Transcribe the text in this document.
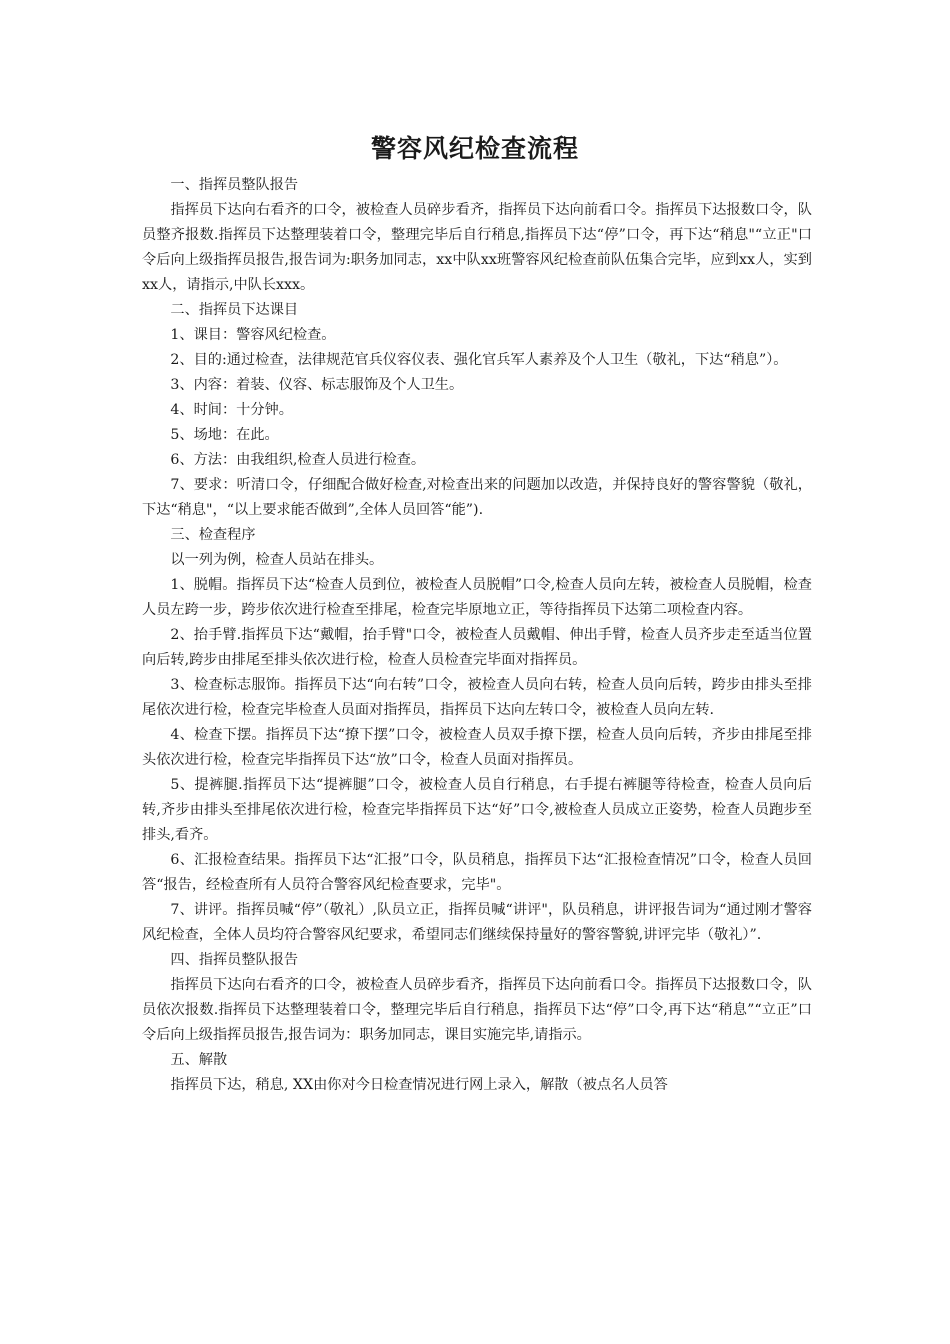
警容风纪检查流程

一、指挥员整队报告

指挥员下达向右看齐的口令，被检查人员碎步看齐，指挥员下达向前看口令。指挥员下达报数口令，队员整齐报数.指挥员下达整理装着口令，整理完毕后自行稍息,指挥员下达“停”口令，再下达“稍息"“立正"口令后向上级指挥员报告,报告词为:职务加同志，xx中队xx班警容风纪检查前队伍集合完毕，应到xx人，实到xx人，请指示,中队长xxx。

二、指挥员下达课目

1、课目：警容风纪检查。

2、目的:通过检查，法律规范官兵仪容仪表、强化官兵军人素养及个人卫生（敬礼，下达“稍息”）。

3、内容：着装、仪容、标志服饰及个人卫生。

4、时间：十分钟。

5、场地：在此。

6、方法：由我组织,检查人员进行检查。

7、要求：听清口令，仔细配合做好检查,对检查出来的问题加以改造，并保持良好的警容警貌（敬礼，下达“稍息"，“以上要求能否做到”,全体人员回答“能”).

三、检查程序

以一列为例，检查人员站在排头。

1、脱帽。指挥员下达“检查人员到位，被检查人员脱帽”口令,检查人员向左转，被检查人员脱帽，检查人员左跨一步，跨步依次进行检查至排尾，检查完毕原地立正，等待指挥员下达第二项检查内容。

2、抬手臂.指挥员下达“戴帽，抬手臂"口令，被检查人员戴帽、伸出手臂，检查人员齐步走至适当位置向后转,跨步由排尾至排头依次进行检，检查人员检查完毕面对指挥员。

3、检查标志服饰。指挥员下达“向右转”口令，被检查人员向右转，检查人员向后转，跨步由排头至排尾依次进行检，检查完毕检查人员面对指挥员，指挥员下达向左转口令，被检查人员向左转.

4、检查下摆。指挥员下达“撩下摆”口令，被检查人员双手撩下摆，检查人员向后转，齐步由排尾至排头依次进行检，检查完毕指挥员下达“放”口令，检查人员面对指挥员。

5、提裤腿.指挥员下达“提裤腿”口令，被检查人员自行稍息，右手提右裤腿等待检查，检查人员向后转,齐步由排头至排尾依次进行检，检查完毕指挥员下达“好”口令,被检查人员成立正姿势，检查人员跑步至排头,看齐。

6、汇报检查结果。指挥员下达“汇报”口令，队员稍息，指挥员下达“汇报检查情况”口令，检查人员回答“报告，经检查所有人员符合警容风纪检查要求，完毕"。

7、讲评。指挥员喊“停”（敬礼）,队员立正，指挥员喊“讲评"，队员稍息，讲评报告词为“通过刚才警容风纪检查，全体人员均符合警容风纪要求，希望同志们继续保持量好的警容警貌,讲评完毕（敬礼）”.

四、指挥员整队报告

指挥员下达向右看齐的口令，被检查人员碎步看齐，指挥员下达向前看口令。指挥员下达报数口令，队员依次报数.指挥员下达整理装着口令，整理完毕后自行稍息，指挥员下达“停”口令,再下达“稍息”“立正”口令后向上级指挥员报告,报告词为：职务加同志，课目实施完毕,请指示。

五、解散

指挥员下达，稍息, XX由你对今日检查情况进行网上录入，解散（被点名人员答
